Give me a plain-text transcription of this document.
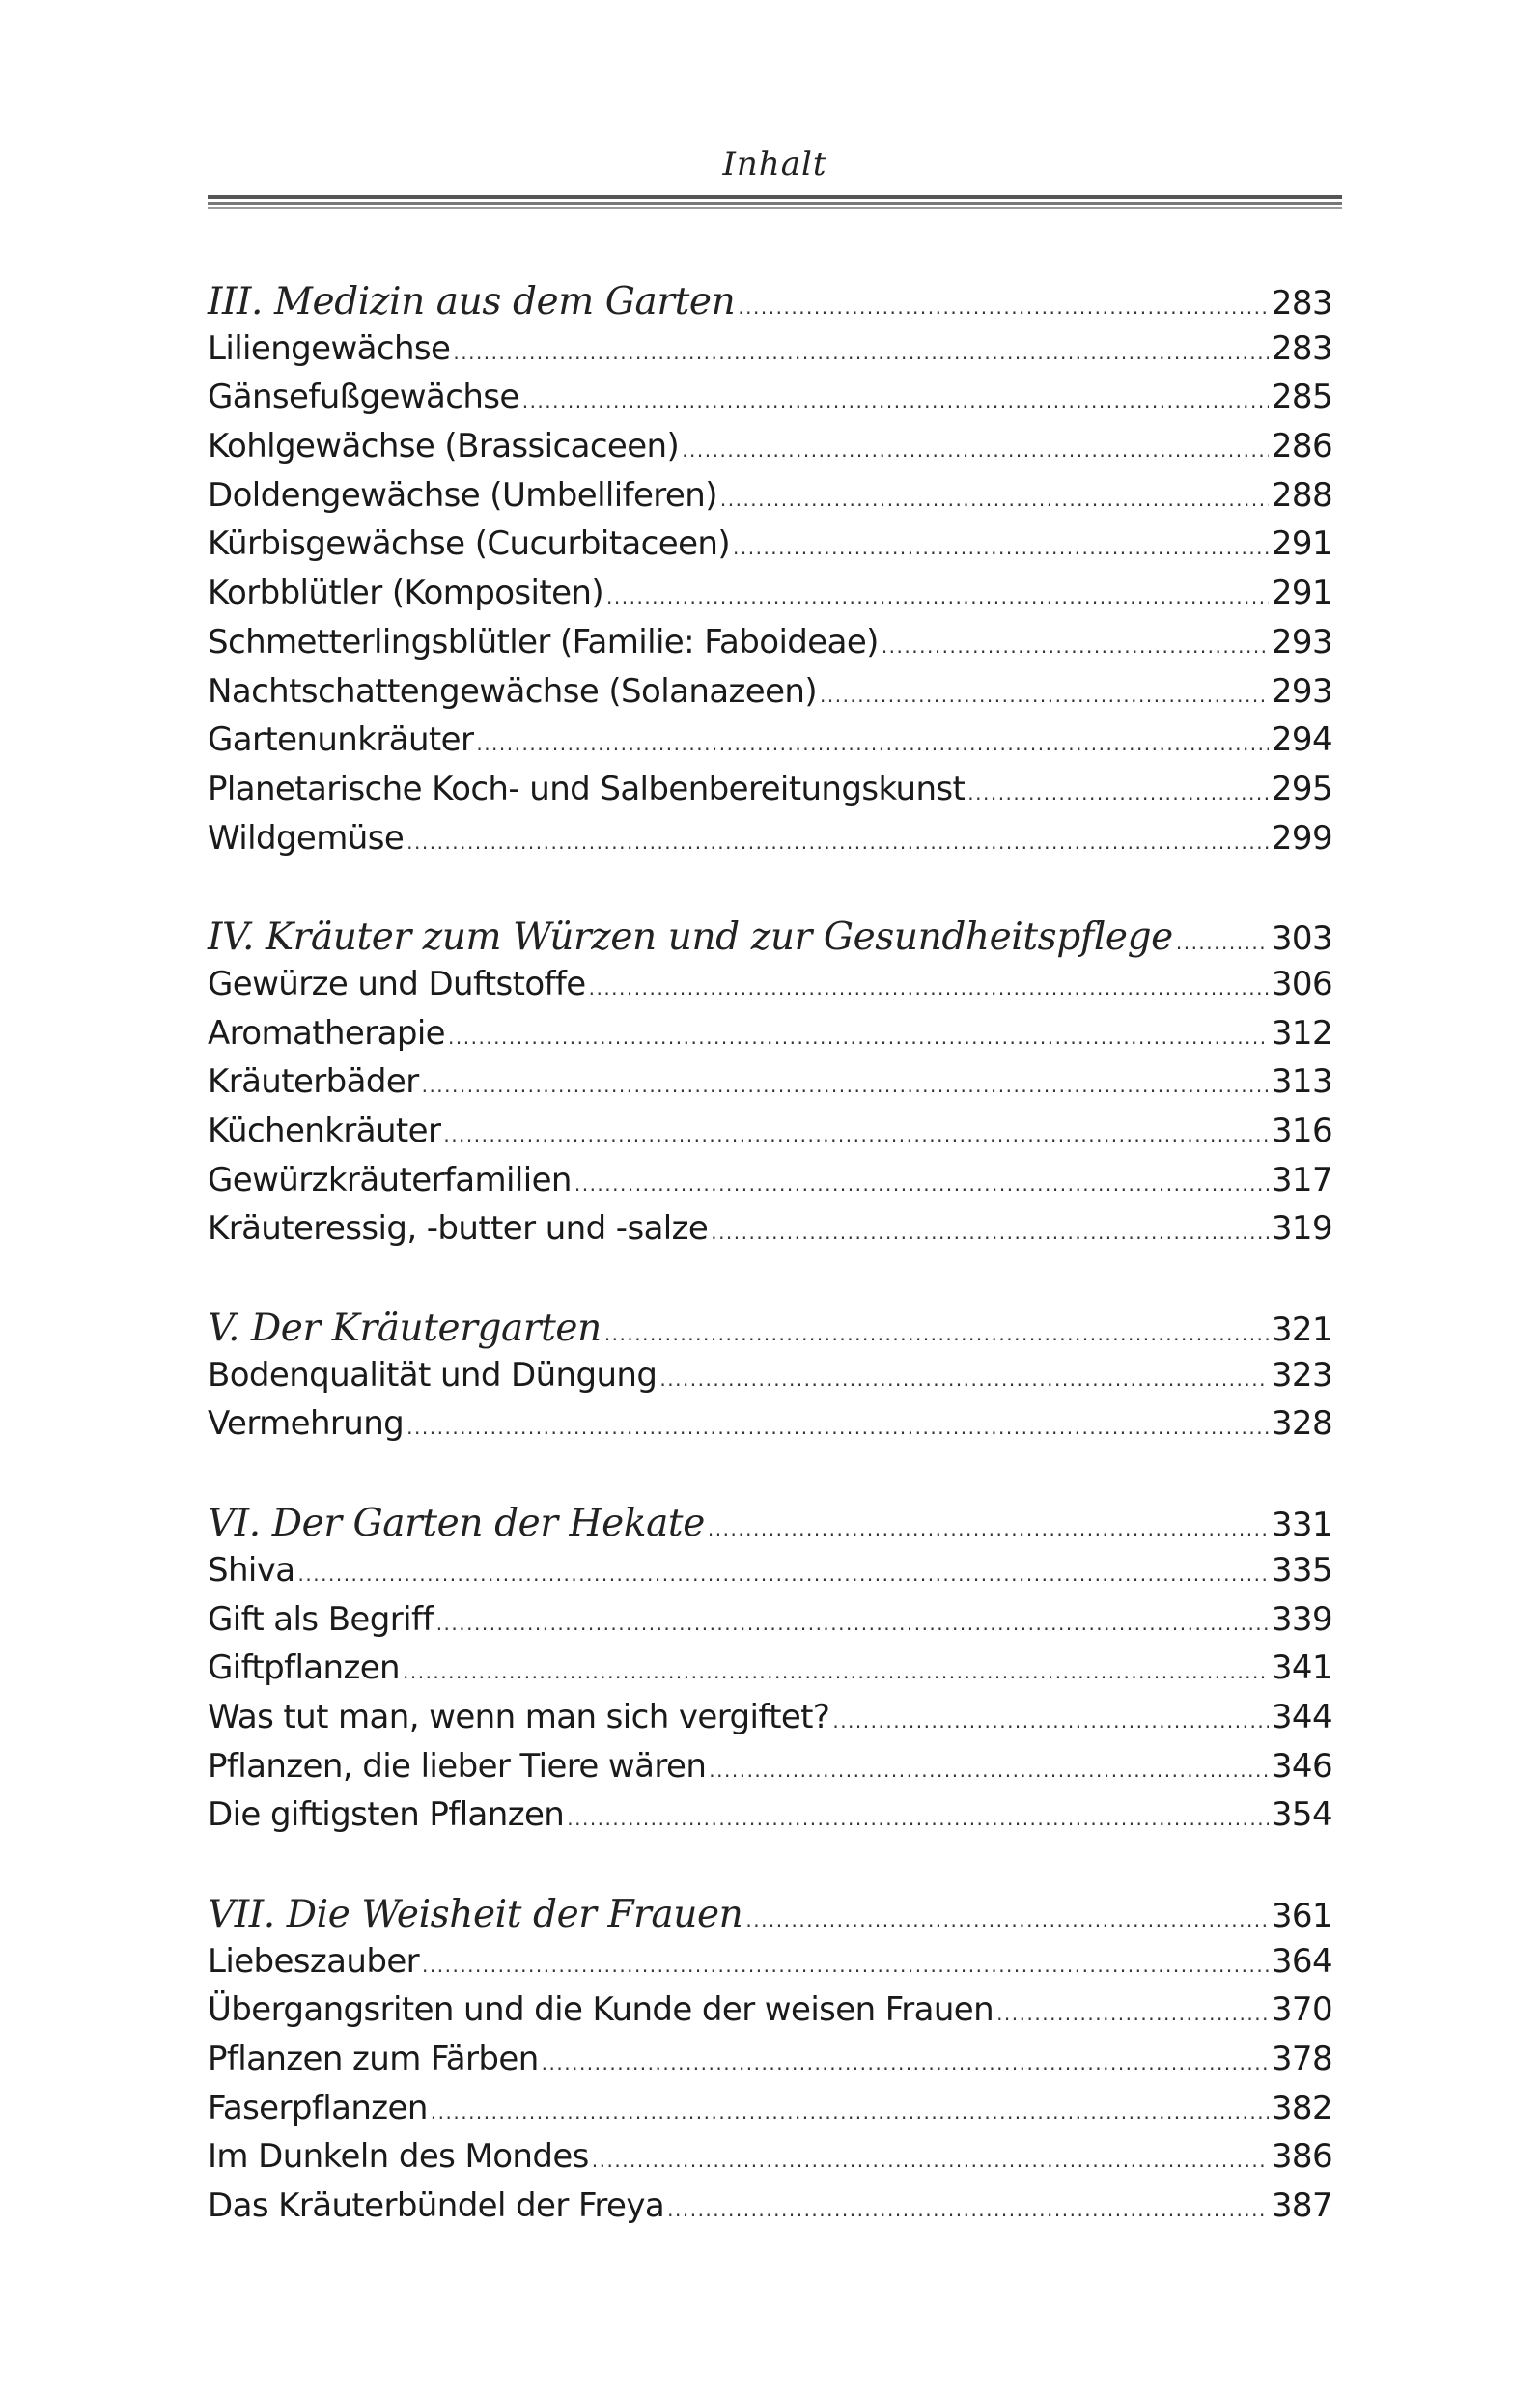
Inhalt
III. Medizin aus dem Garten .....	283
Liliengewächse .....	283
Gänsefußgewächse .....	285
Kohlgewächse (Brassicaceen) .....	286
Doldengewächse (Umbelliferen) .....	288
Kürbisgewächse (Cucurbitaceen) .....	291
Korbblütler (Kompositen) .....	291
Schmetterlingsblütler (Familie: Faboideae) .....	293
Nachtschattengewächse (Solanazeen) .....	293
Gartenunkräuter .....	294
Planetarische Koch- und Salbenbereitungskunst .....	295
Wildgemüse .....	299
IV. Kräuter zum Würzen und zur Gesundheitspflege .....	303
Gewürze und Duftstoffe .....	306
Aromatherapie .....	312
Kräuterbäder .....	313
Küchenkräuter .....	316
Gewürzkräuterfamilien .....	317
Kräuteressig, -butter und -salze .....	319
V. Der Kräutergarten .....	321
Bodenqualität und Düngung .....	323
Vermehrung .....	328
VI. Der Garten der Hekate .....	331
Shiva .....	335
Gift als Begriff .....	339
Giftpflanzen .....	341
Was tut man, wenn man sich vergiftet? .....	344
Pflanzen, die lieber Tiere wären .....	346
Die giftigsten Pflanzen .....	354
VII. Die Weisheit der Frauen .....	361
Liebeszauber .....	364
Übergangsriten und die Kunde der weisen Frauen .....	370
Pflanzen zum Färben .....	378
Faserpflanzen .....	382
Im Dunkeln des Mondes .....	386
Das Kräuterbündel der Freya .....	387
